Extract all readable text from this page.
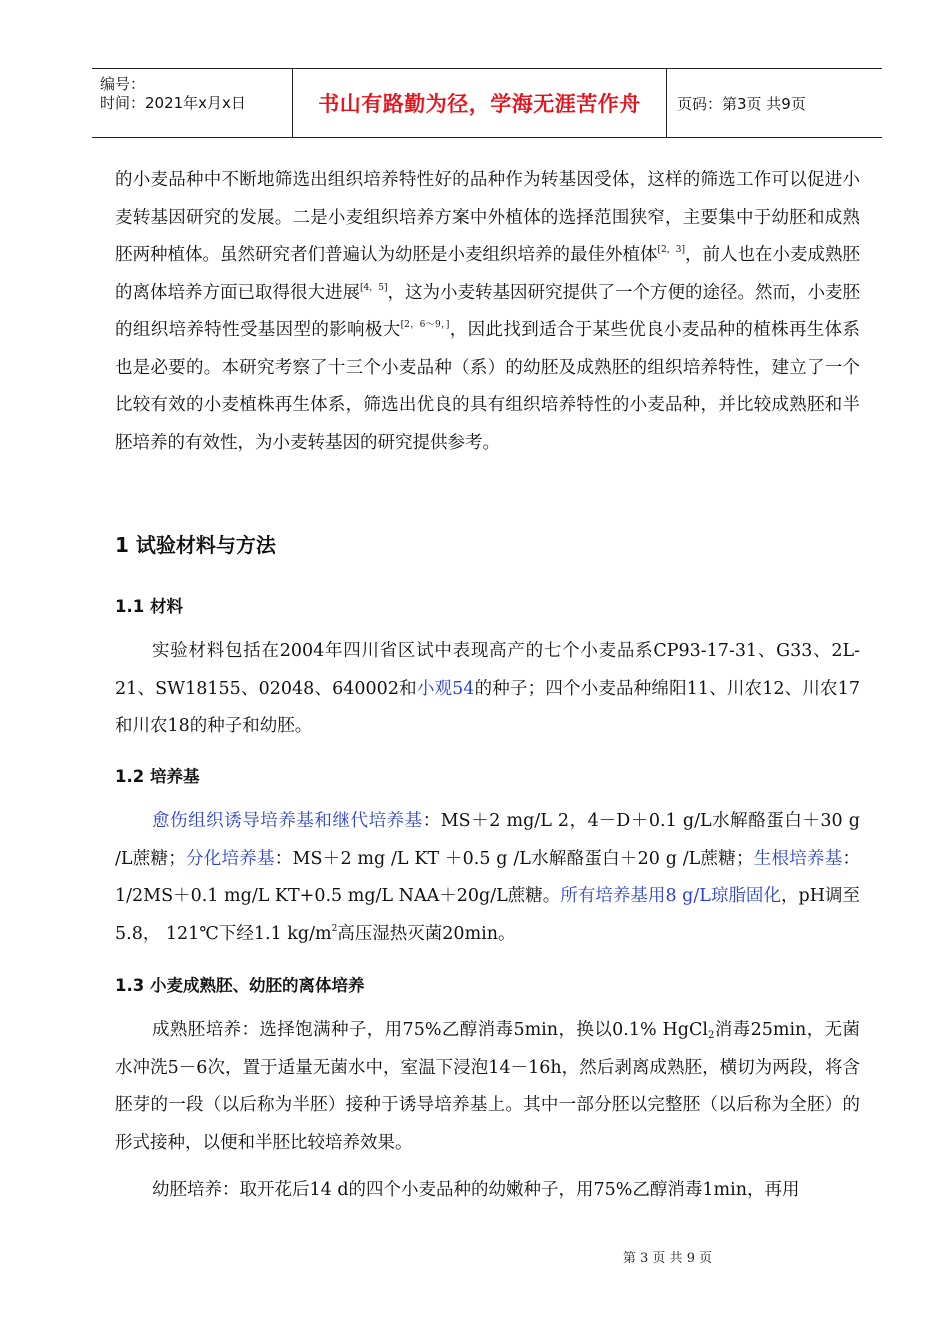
编号：
时间：2021年x月x日	书山有路勤为径，学海无涯苦作舟	页码：第3页 共9页
的小麦品种中不断地筛选出组织培养特性好的品种作为转基因受体，这样的筛选工作可以促进小麦转基因研究的发展。二是小麦组织培养方案中外植体的选择范围狭窄，主要集中于幼胚和成熟胚两种植体。虽然研究者们普遍认为幼胚是小麦组织培养的最佳外植体[2，3]，前人也在小麦成熟胚的离体培养方面已取得很大进展[4，5]，这为小麦转基因研究提供了一个方便的途径。然而，小麦胚的组织培养特性受基因型的影响极大[2，6～9，]，因此找到适合于某些优良小麦品种的植株再生体系也是必要的。本研究考察了十三个小麦品种（系）的幼胚及成熟胚的组织培养特性，建立了一个比较有效的小麦植株再生体系，筛选出优良的具有组织培养特性的小麦品种，并比较成熟胚和半胚培养的有效性，为小麦转基因的研究提供参考。
1 试验材料与方法
1.1 材料
实验材料包括在2004年四川省区试中表现高产的七个小麦品系CP93-17-31、G33、2L-21、SW18155、02048、640002和小观54的种子；四个小麦品种绵阳11、川农12、川农17和川农18的种子和幼胚。
1.2 培养基
愈伤组织诱导培养基和继代培养基：MS＋2 mg/L 2，4－D＋0.1 g/L水解酪蛋白＋30 g /L蔗糖；分化培养基：MS＋2 mg /L KT ＋0.5 g /L水解酪蛋白＋20 g /L蔗糖；生根培养基：1/2MS＋0.1 mg/L KT+0.5 mg/L NAA＋20g/L蔗糖。所有培养基用8 g/L琼脂固化，pH调至5.8， 121℃下经1.1 $kg/m^2$高压湿热灭菌20min。
1.3 小麦成熟胚、幼胚的离体培养
成熟胚培养：选择饱满种子，用75%乙醇消毒5min，换以0.1% HgCl$_2$消毒25min，无菌水冲洗5－6次，置于适量无菌水中，室温下浸泡14－16h，然后剥离成熟胚，横切为两段，将含胚芽的一段（以后称为半胚）接种于诱导培养基上。其中一部分胚以完整胚（以后称为全胚）的形式接种，以便和半胚比较培养效果。
幼胚培养：取开花后14 d的四个小麦品种的幼嫩种子，用75%乙醇消毒1min，再用
第 3 页 共 9 页
